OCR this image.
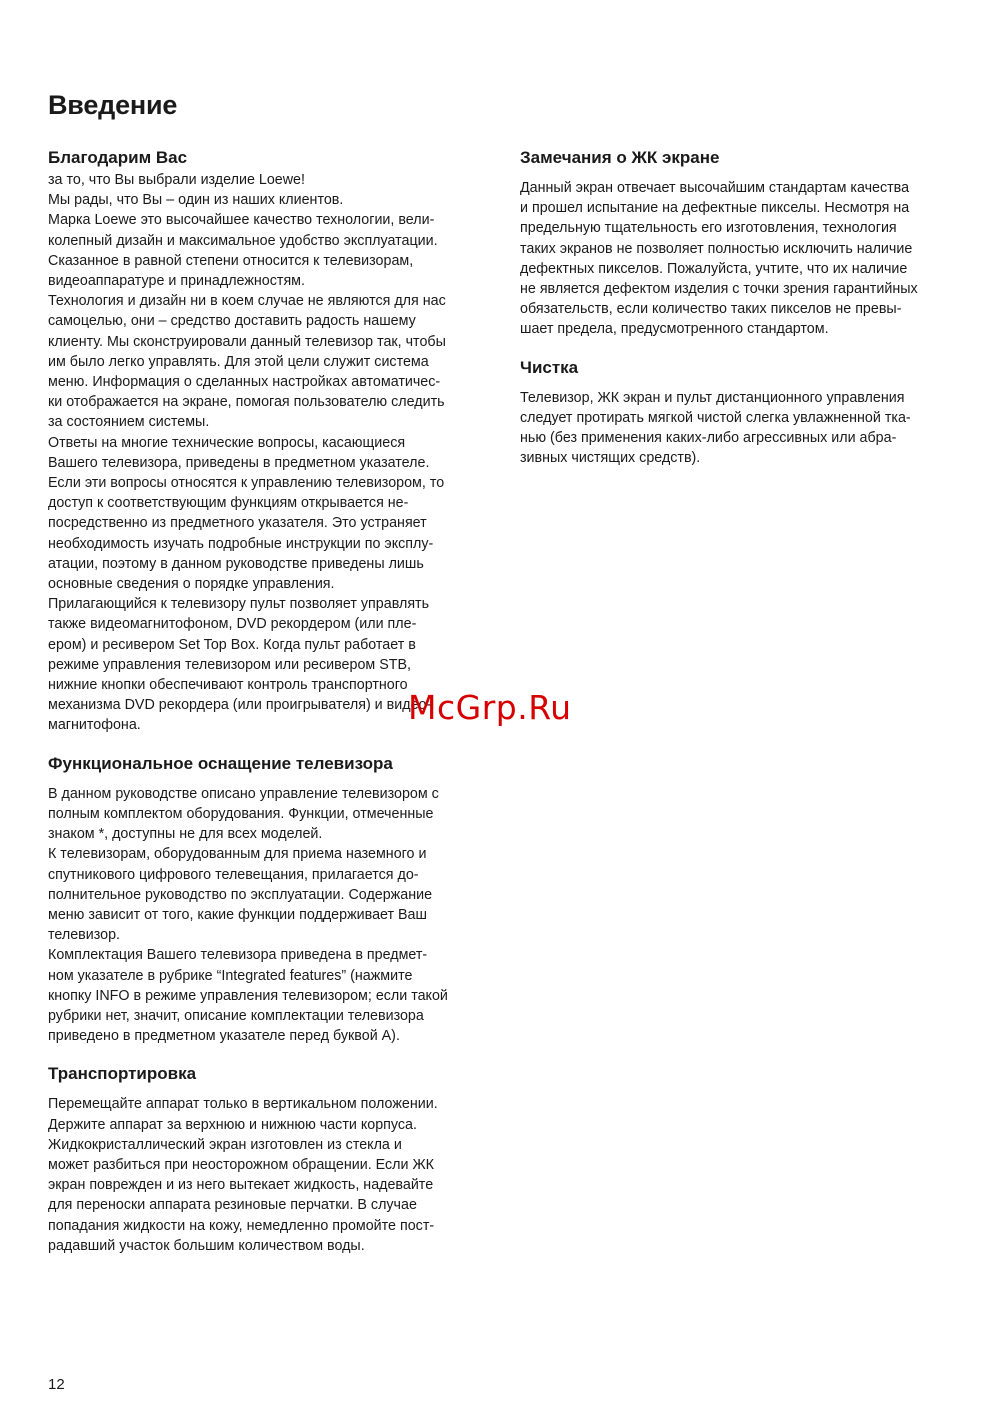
Введение
Благодарим Вас

за то, что Вы выбрали изделие Loewe!
Мы рады, что Вы – один из наших клиентов.
Марка Loewe это высочайшее качество технологии, вели-
колепный дизайн и максимальное удобство эксплуатации.
Сказанное в равной степени относится к телевизорам,
видеоаппаратуре и принадлежностям.
Технология и дизайн ни в коем случае не являются для нас
самоцелью, они – средство доставить радость нашему
клиенту. Мы сконструировали данный телевизор так, чтобы
им было легко управлять. Для этой цели служит система
меню. Информация о сделанных настройках автоматичес-
ки отображается на экране, помогая пользователю следить
за состоянием системы.
Ответы на многие технические вопросы, касающиеся
Вашего телевизора, приведены в предметном указателе.
Если эти вопросы относятся к управлению телевизором, то
доступ к соответствующим функциям открывается не-
посредственно из предметного указателя. Это устраняет
необходимость изучать подробные инструкции по эксплу-
атации, поэтому в данном руководстве приведены лишь
основные сведения о порядке управления.
Прилагающийся к телевизору пульт позволяет управлять
также видеомагнитофоном, DVD рекордером (или пле-
ером) и ресивером Set Top Box. Когда пульт работает в
режиме управления телевизором или ресивером STB,
нижние кнопки обеспечивают контроль транспортного
механизма DVD рекордера (или проигрывателя) и видео-
магнитофона.

Функциональное оснащение телевизора

В данном руководстве описано управление телевизором с
полным комплектом оборудования. Функции, отмеченные
знаком *, доступны не для всех моделей.
К телевизорам, оборудованным для приема наземного и
спутникового цифрового телевещания, прилагается до-
полнительное руководство по эксплуатации. Содержание
меню зависит от того, какие функции поддерживает Ваш
телевизор.
Комплектация Вашего телевизора приведена в предмет-
ном указателе в рубрике “Integrated features” (нажмите
кнопку INFO в режиме управления телевизором; если такой
рубрики нет, значит, описание комплектации телевизора
приведено в предметном указателе перед буквой А).

Транспортировка

Перемещайте аппарат только в вертикальном положении.
Держите аппарат за верхнюю и нижнюю части корпуса.
Жидкокристаллический экран изготовлен из стекла и
может разбиться при неосторожном обращении. Если ЖК
экран поврежден и из него вытекает жидкость, надевайте
для переноски аппарата резиновые перчатки. В случае
попадания жидкости на кожу, немедленно промойте пост-
радавший участок большим количеством воды.

Замечания о ЖК экране

Данный экран отвечает высочайшим стандартам качества
и прошел испытание на дефектные пикселы. Несмотря на
предельную тщательность его изготовления, технология
таких экранов не позволяет полностью исключить наличие
дефектных пикселов. Пожалуйста, учтите, что их наличие
не является дефектом изделия с точки зрения гарантийных
обязательств, если количество таких пикселов не превы-
шает предела, предусмотренного стандартом.

Чистка

Телевизор, ЖК экран и пульт дистанционного управления
следует протирать мягкой чистой слегка увлажненной тка-
нью (без применения каких-либо агрессивных или абра-
зивных чистящих средств).

McGrp.Ru
12
